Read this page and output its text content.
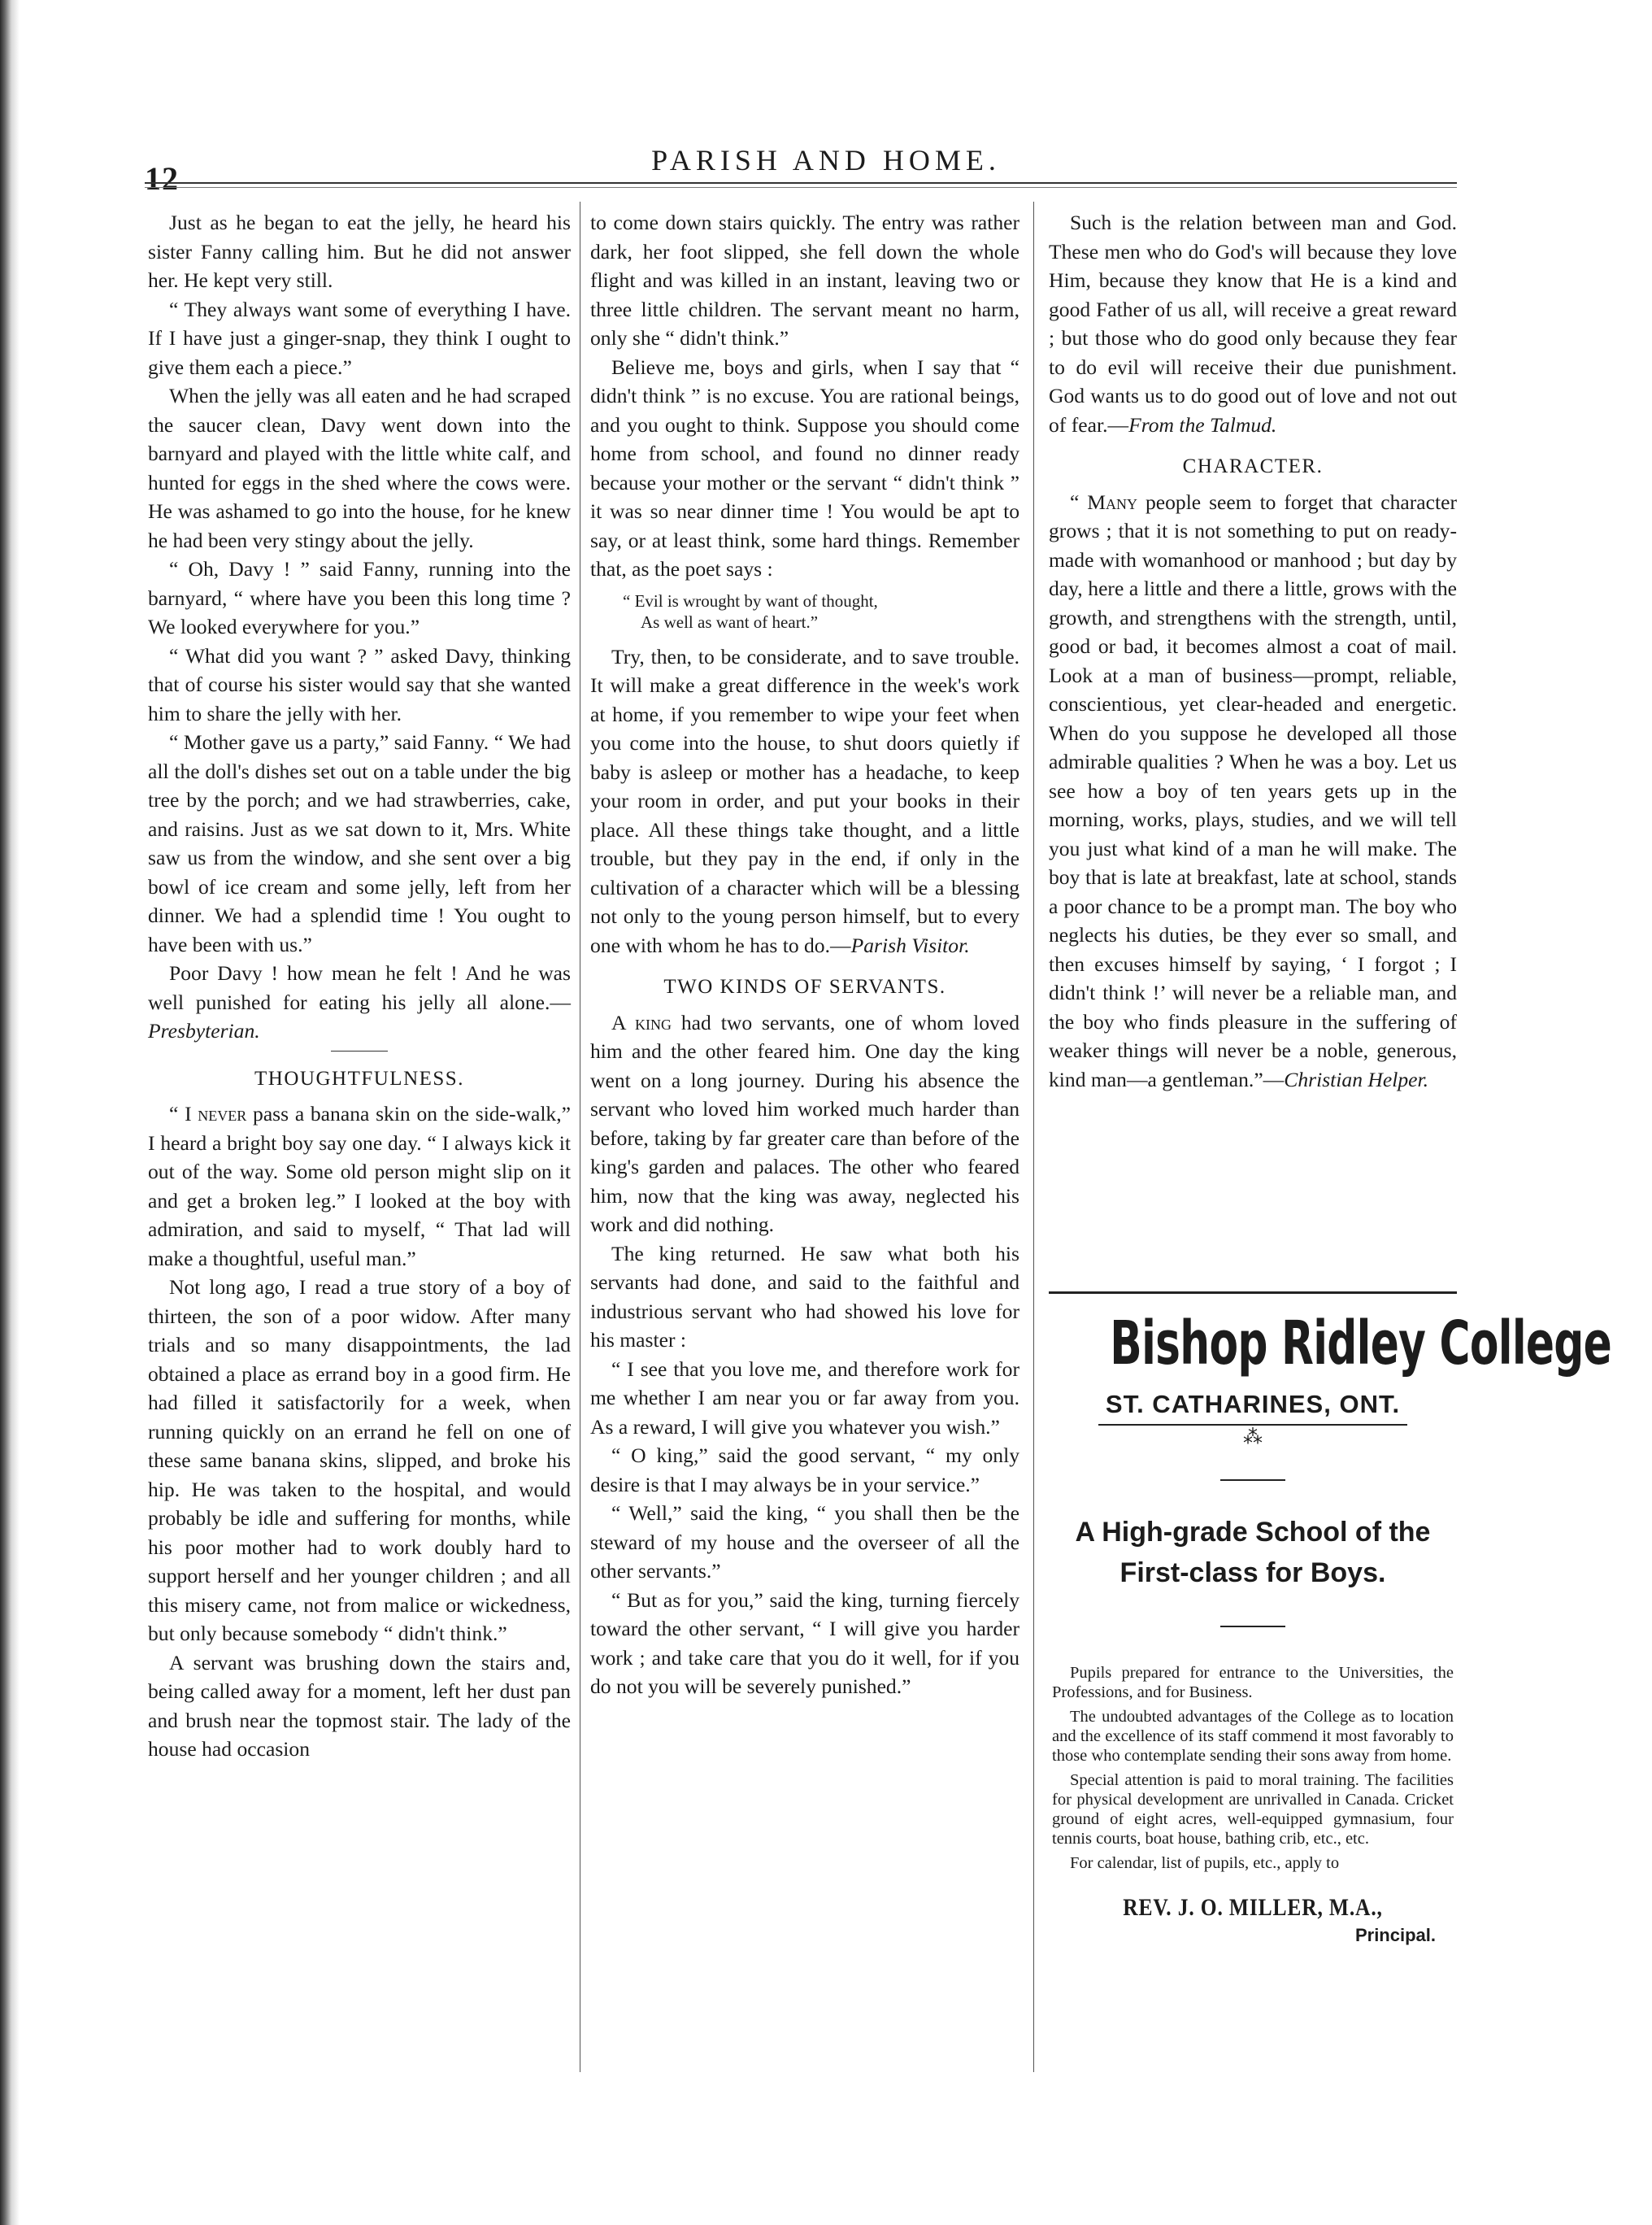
12	PARISH AND HOME.

Just as he began to eat the jelly, he heard his sister Fanny calling him. But he did not answer her. He kept very still.

“ They always want some of everything I have. If I have just a ginger-snap, they think I ought to give them each a piece.”

When the jelly was all eaten and he had scraped the saucer clean, Davy went down into the barnyard and played with the little white calf, and hunted for eggs in the shed where the cows were. He was ashamed to go into the house, for he knew he had been very stingy about the jelly.

“ Oh, Davy ! ” said Fanny, running into the barnyard, “ where have you been this long time ? We looked everywhere for you.”

“ What did you want ? ” asked Davy, thinking that of course his sister would say that she wanted him to share the jelly with her.

“ Mother gave us a party,” said Fanny. “ We had all the doll's dishes set out on a table under the big tree by the porch; and we had strawberries, cake, and raisins. Just as we sat down to it, Mrs. White saw us from the window, and she sent over a big bowl of ice cream and some jelly, left from her dinner. We had a splendid time ! You ought to have been with us.”

Poor Davy ! how mean he felt ! And he was well punished for eating his jelly all alone.—Presbyterian.

THOUGHTFULNESS.

“ I never pass a banana skin on the side-walk,” I heard a bright boy say one day. “ I always kick it out of the way. Some old person might slip on it and get a broken leg.” I looked at the boy with admiration, and said to myself, “ That lad will make a thoughtful, useful man.”

Not long ago, I read a true story of a boy of thirteen, the son of a poor widow. After many trials and so many disappointments, the lad obtained a place as errand boy in a good firm. He had filled it satisfactorily for a week, when running quickly on an errand he fell on one of these same banana skins, slipped, and broke his hip. He was taken to the hospital, and would probably be idle and suffering for months, while his poor mother had to work doubly hard to support herself and her younger children ; and all this misery came, not from malice or wickedness, but only because somebody “ didn't think.”

A servant was brushing down the stairs and, being called away for a moment, left her dust pan and brush near the topmost stair. The lady of the house had occasion

to come down stairs quickly. The entry was rather dark, her foot slipped, she fell down the whole flight and was killed in an instant, leaving two or three little children. The servant meant no harm, only she “ didn't think.”

Believe me, boys and girls, when I say that “ didn't think ” is no excuse. You are rational beings, and you ought to think. Suppose you should come home from school, and found no dinner ready because your mother or the servant “ didn't think ” it was so near dinner time ! You would be apt to say, or at least think, some hard things. Remember that, as the poet says :

“ Evil is wrought by want of thought,
As well as want of heart.”

Try, then, to be considerate, and to save trouble. It will make a great difference in the week's work at home, if you remember to wipe your feet when you come into the house, to shut doors quietly if baby is asleep or mother has a headache, to keep your room in order, and put your books in their place. All these things take thought, and a little trouble, but they pay in the end, if only in the cultivation of a character which will be a blessing not only to the young person himself, but to every one with whom he has to do.—Parish Visitor.

TWO KINDS OF SERVANTS.

A king had two servants, one of whom loved him and the other feared him. One day the king went on a long journey. During his absence the servant who loved him worked much harder than before, taking by far greater care than before of the king's garden and palaces. The other who feared him, now that the king was away, neglected his work and did nothing.

The king returned. He saw what both his servants had done, and said to the faithful and industrious servant who had showed his love for his master :

“ I see that you love me, and therefore work for me whether I am near you or far away from you. As a reward, I will give you whatever you wish.”

“ O king,” said the good servant, “ my only desire is that I may always be in your service.”

“ Well,” said the king, “ you shall then be the steward of my house and the overseer of all the other servants.”

“ But as for you,” said the king, turning fiercely toward the other servant, “ I will give you harder work ; and take care that you do it well, for if you do not you will be severely punished.”

Such is the relation between man and God. These men who do God's will because they love Him, because they know that He is a kind and good Father of us all, will receive a great reward ; but those who do good only because they fear to do evil will receive their due punishment. God wants us to do good out of love and not out of fear.—From the Talmud.

CHARACTER.

“ Many people seem to forget that character grows ; that it is not something to put on ready-made with womanhood or manhood ; but day by day, here a little and there a little, grows with the growth, and strengthens with the strength, until, good or bad, it becomes almost a coat of mail. Look at a man of business—prompt, reliable, conscientious, yet clear-headed and energetic. When do you suppose he developed all those admirable qualities ? When he was a boy. Let us see how a boy of ten years gets up in the morning, works, plays, studies, and we will tell you just what kind of a man he will make. The boy that is late at breakfast, late at school, stands a poor chance to be a prompt man. The boy who neglects his duties, be they ever so small, and then excuses himself by saying, ‘ I forgot ; I didn't think !’ will never be a reliable man, and the boy who finds pleasure in the suffering of weaker things will never be a noble, generous, kind man—a gentleman.”—Christian Helper.

Bishop Ridley College
ST. CATHARINES, ONT.
⁂
A High-grade School of the
First-class for Boys.

Pupils prepared for entrance to the Universities, the Professions, and for Business.

The undoubted advantages of the College as to location and the excellence of its staff commend it most favorably to those who contemplate sending their sons away from home.

Special attention is paid to moral training. The facilities for physical development are unrivalled in Canada. Cricket ground of eight acres, well-equipped gymnasium, four tennis courts, boat house, bathing crib, etc., etc.

For calendar, list of pupils, etc., apply to

REV. J. O. MILLER, M.A.,
Principal.
